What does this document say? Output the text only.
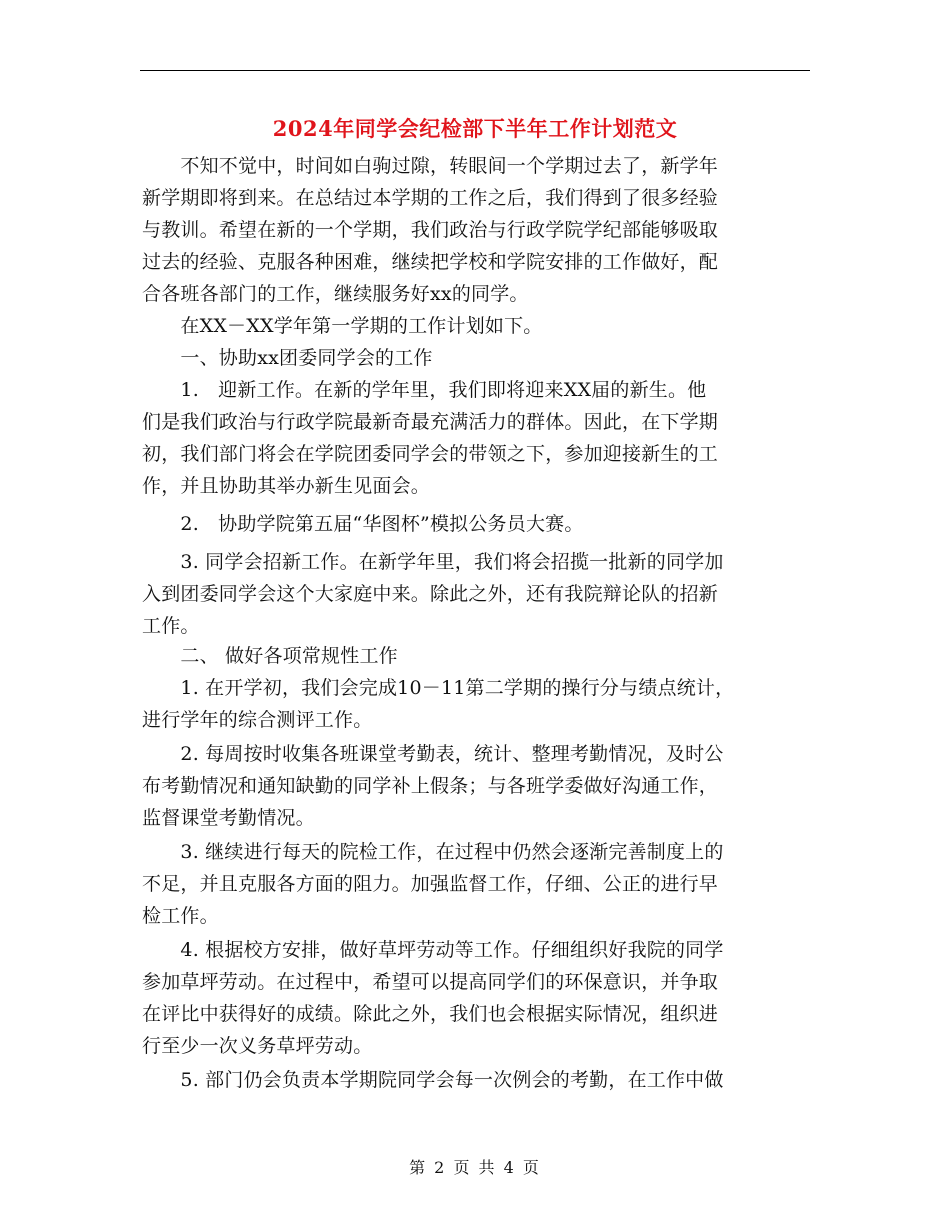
2024年同学会纪检部下半年工作计划范文
　　不知不觉中，时间如白驹过隙，转眼间一个学期过去了，新学年
新学期即将到来。在总结过本学期的工作之后，我们得到了很多经验
与教训。希望在新的一个学期，我们政治与行政学院学纪部能够吸取
过去的经验、克服各种困难，继续把学校和学院安排的工作做好，配
合各班各部门的工作，继续服务好xx的同学。
　　在XX－XX学年第一学期的工作计划如下。
　　一、协助xx团委同学会的工作
　　1.　迎新工作。在新的学年里，我们即将迎来XX届的新生。他
们是我们政治与行政学院最新奇最充满活力的群体。因此，在下学期
初，我们部门将会在学院团委同学会的带领之下，参加迎接新生的工
作，并且协助其举办新生见面会。
　　2.　协助学院第五届“华图杯”模拟公务员大赛。
　　3. 同学会招新工作。在新学年里，我们将会招揽一批新的同学加
入到团委同学会这个大家庭中来。除此之外，还有我院辩论队的招新
工作。
　　二、 做好各项常规性工作
　　1. 在开学初，我们会完成10－11第二学期的操行分与绩点统计，
进行学年的综合测评工作。
　　2. 每周按时收集各班课堂考勤表，统计、整理考勤情况，及时公
布考勤情况和通知缺勤的同学补上假条；与各班学委做好沟通工作，
监督课堂考勤情况。
　　3. 继续进行每天的院检工作，在过程中仍然会逐渐完善制度上的
不足，并且克服各方面的阻力。加强监督工作，仔细、公正的进行早
检工作。
　　4. 根据校方安排，做好草坪劳动等工作。仔细组织好我院的同学
参加草坪劳动。在过程中，希望可以提高同学们的环保意识，并争取
在评比中获得好的成绩。除此之外，我们也会根据实际情况，组织进
行至少一次义务草坪劳动。
　　5. 部门仍会负责本学期院同学会每一次例会的考勤，在工作中做
第 2 页 共 4 页
